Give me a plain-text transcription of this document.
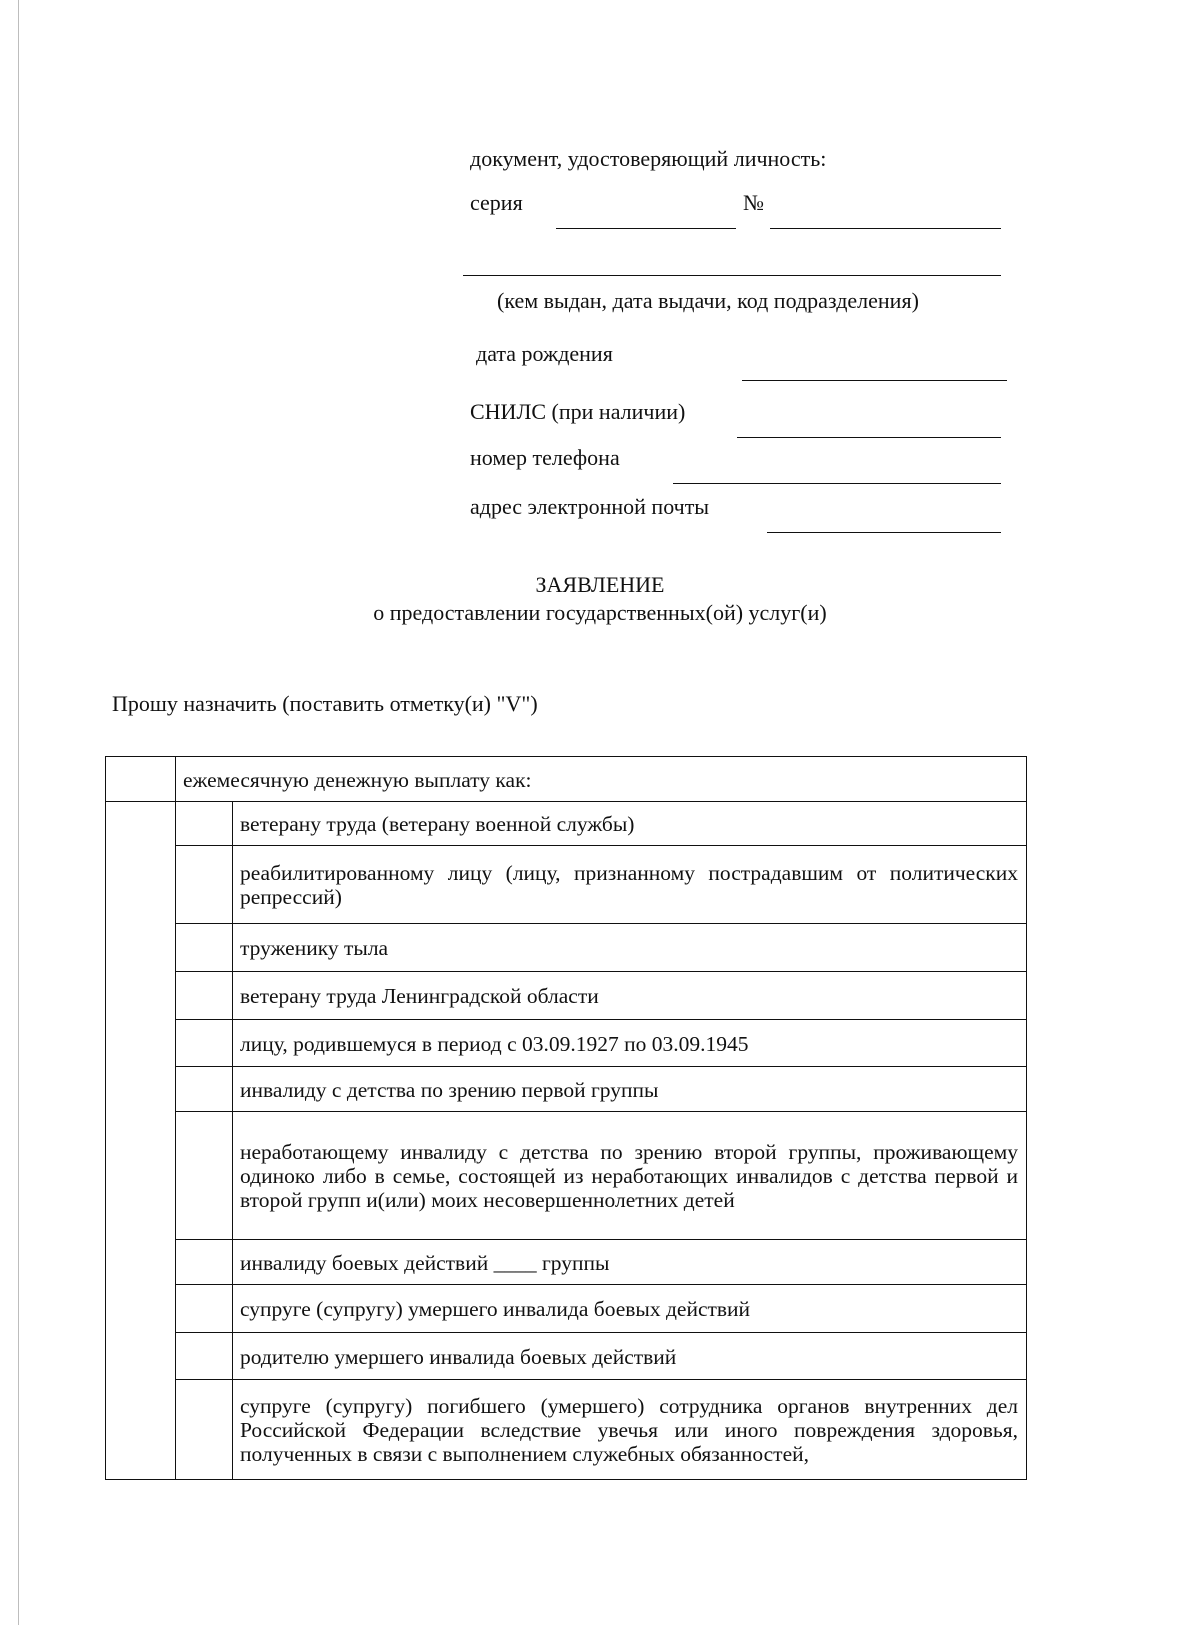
документ, удостоверяющий личность:
серия	№
(кем выдан, дата выдачи, код подразделения)
дата рождения
СНИЛС (при наличии)
номер телефона
адрес электронной почты
ЗАЯВЛЕНИЕ
о предоставлении государственных(ой) услуг(и)
Прошу назначить (поставить отметку(и) "V")
	ежемесячную денежную выплату как:	
		ветерану труда (ветерану военной службы)
		реабилитированному лицу (лицу, признанному пострадавшим от политических репрессий)
		труженику тыла
		ветерану труда Ленинградской области
		лицу, родившемуся в период с 03.09.1927 по 03.09.1945
		инвалиду с детства по зрению первой группы
		неработающему инвалиду с детства по зрению второй группы, проживающему одиноко либо в семье, состоящей из неработающих инвалидов с детства первой и второй групп и(или) моих несовершеннолетних детей
		инвалиду боевых действий ____ группы
		супруге (супругу) умершего инвалида боевых действий
		родителю умершего инвалида боевых действий
		супруге (супругу) погибшего (умершего) сотрудника органов внутренних дел Российской Федерации вследствие увечья или иного повреждения здоровья, полученных в связи с выполнением служебных обязанностей,
